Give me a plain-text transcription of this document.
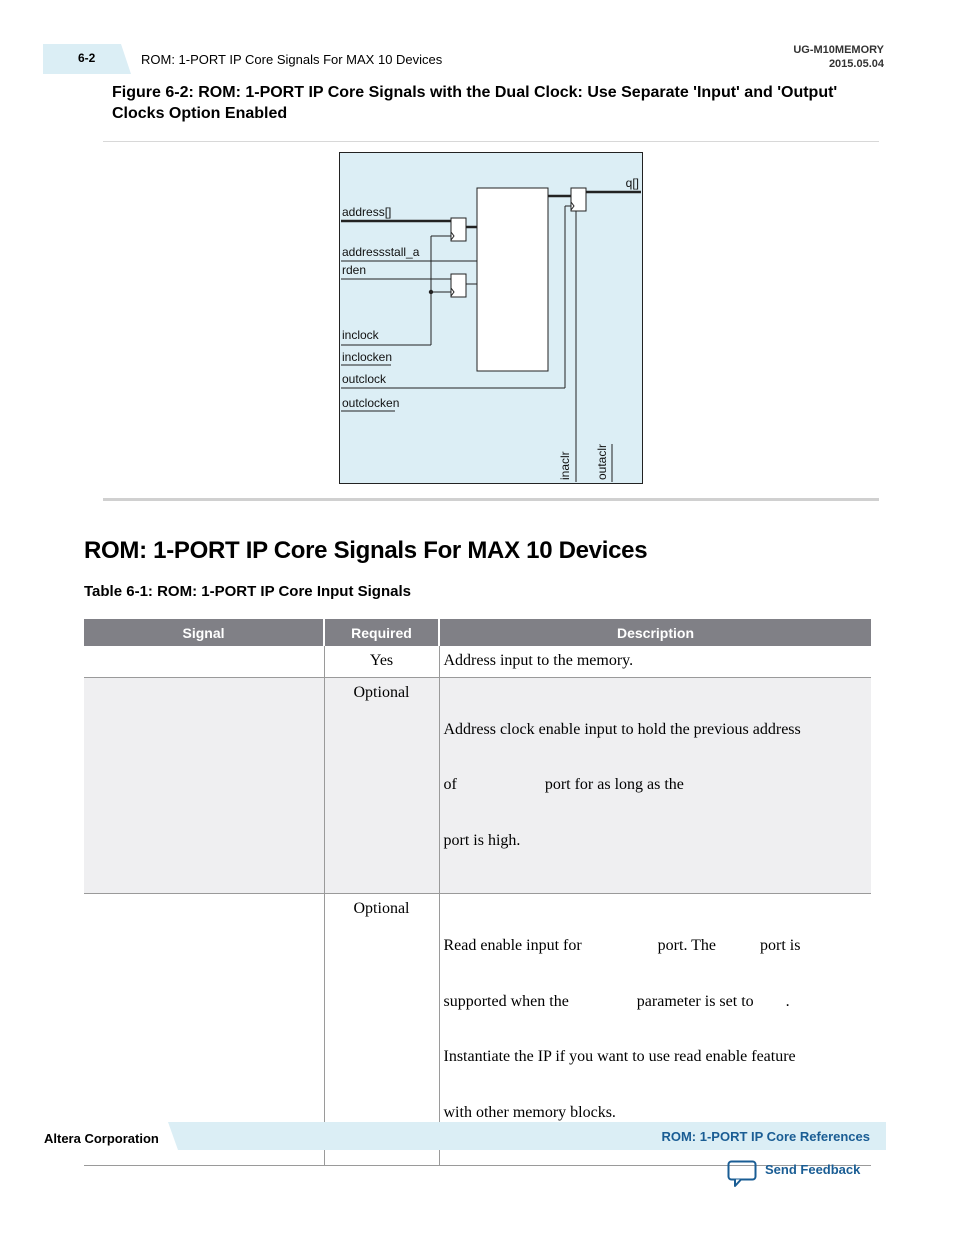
6-2	ROM: 1-PORT IP Core Signals For MAX 10 Devices
UG-M10MEMORY
2015.05.04
Figure 6-2: ROM: 1-PORT IP Core Signals with the Dual Clock: Use Separate 'Input' and 'Output' Clocks Option Enabled
q[]
address[]
addressstall_a
rden
inclock
inclocken
outclock
outclocken
inaclr outaclr
ROM: 1-PORT IP Core Signals For MAX 10 Devices
Table 6-1: ROM: 1-PORT IP Core Input Signals
Signal	Required	Description
	Yes	Address input to the memory.

	Optional	Address clock enable input to hold the previous address

of                      port for as long as the

port is high.

	Optional	Read enable input for                   port. The           port is

supported when the                 parameter is set to        .

Instantiate the IP if you want to use read enable feature

with other memory blocks.

Altera Corporation	ROM: 1-PORT IP Core References
Send Feedback
